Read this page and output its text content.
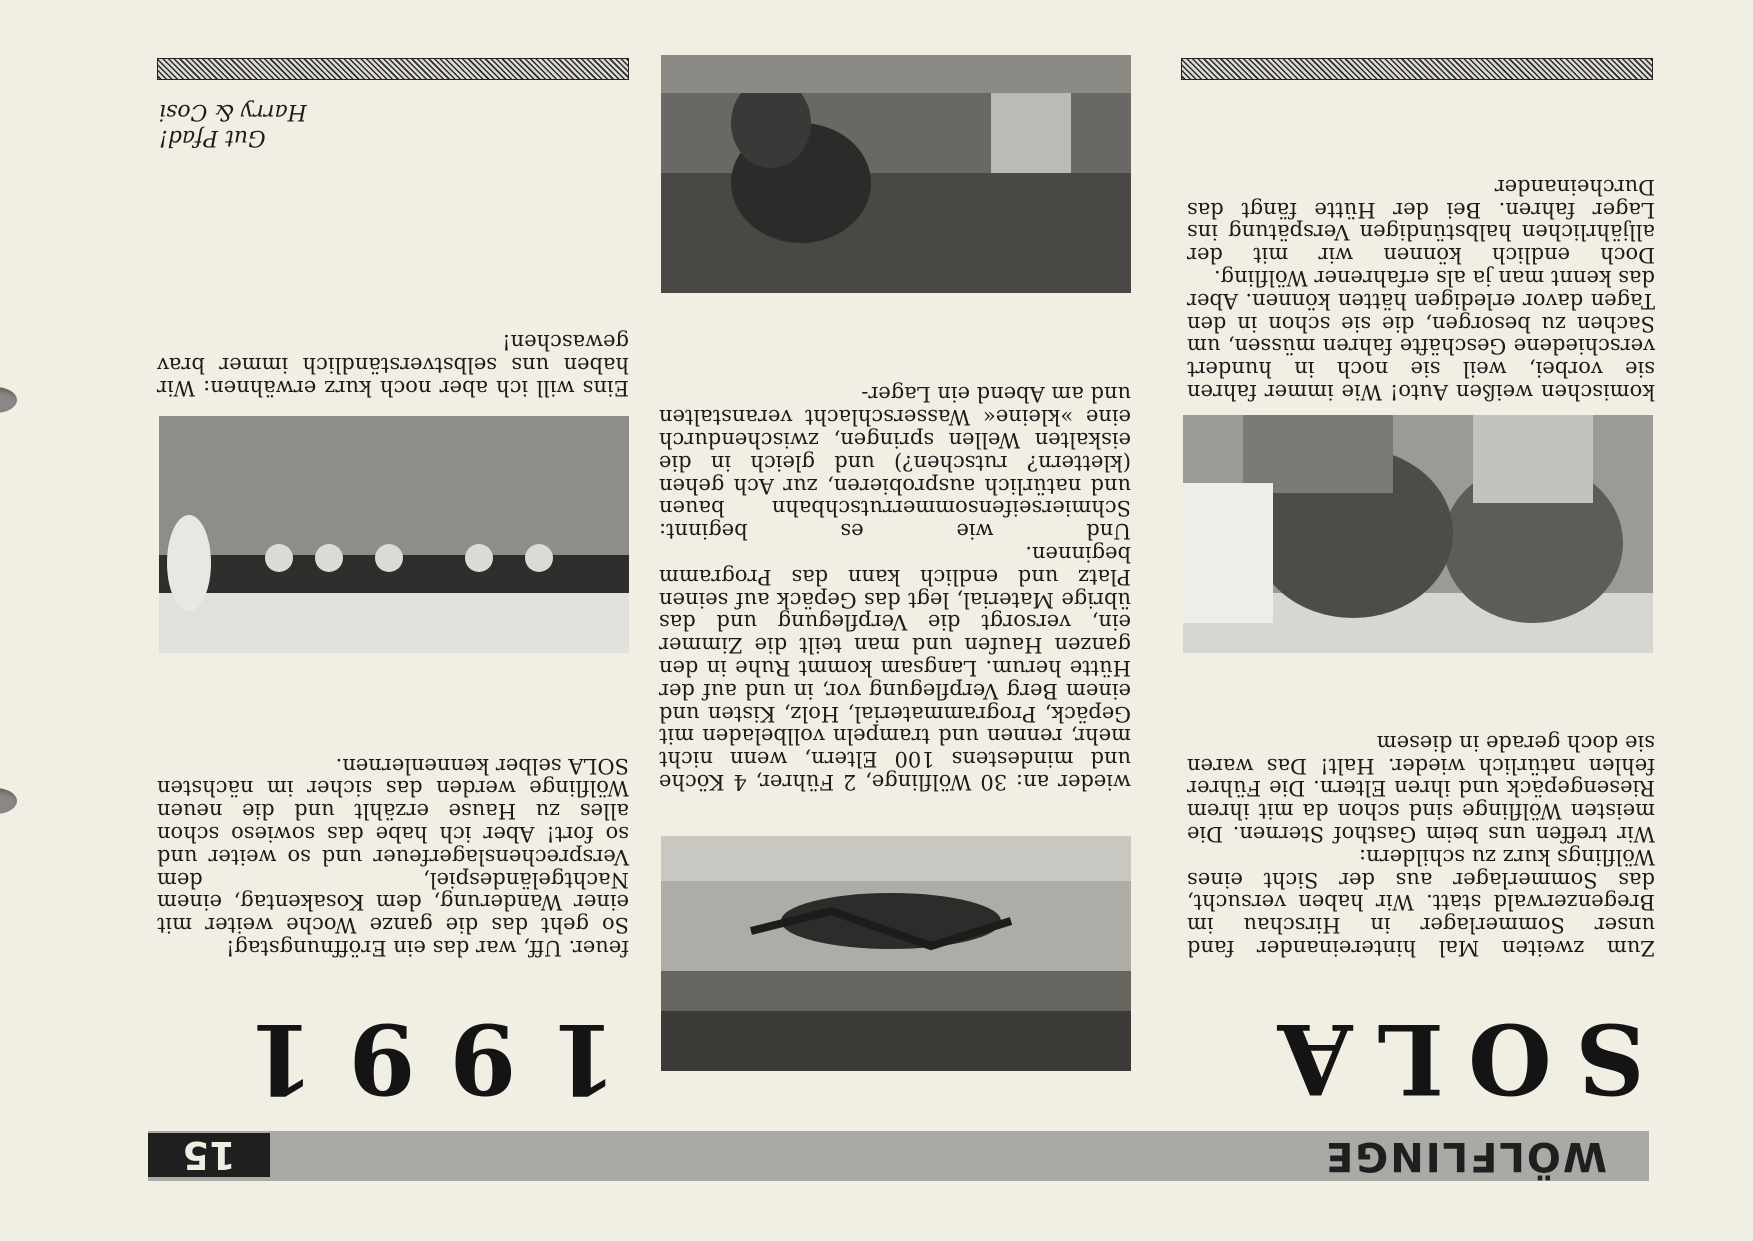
WÖLFLINGE
15
SOLA
1991
Zum zweiten Mal hintereinander fand unser Sommerlager in Hirschau im Bregenzerwald statt. Wir haben versucht, das Sommerlager aus der Sicht eines Wölflings kurz zu schildern:
Wir treffen uns beim Gasthof Sternen. Die meisten Wölflinge sind schon da mit ihrem Riesengepäck und ihren Eltern. Die Führer fehlen natürlich wieder. Halt! Das waren sie doch gerade in diesem
komischen weißen Auto! Wie immer fahren sie vorbei, weil sie noch in hundert verschiedene Geschäfte fahren müssen, um Sachen zu besorgen, die sie schon in den Tagen davor erledigen hätten können. Aber das kennt man ja als erfahrener Wölfling.
Doch endlich können wir mit der alljährlichen halbstündigen Verspätung ins Lager fahren. Bei der Hütte fängt das Durcheinander
wieder an: 30 Wölflinge, 2 Führer, 4 Köche und mindestens 100 Eltern, wenn nicht mehr, rennen und trampeln vollbeladen mit Gepäck, Programmaterial, Holz, Kisten und einem Berg Verpflegung vor, in und auf der Hütte herum. Langsam kommt Ruhe in den ganzen Haufen und man teilt die Zimmer ein, versorgt die Verpflegung und das übrige Material, legt das Gepäck auf seinen Platz und endlich kann das Programm beginnen.
Und wie es beginnt: Schmierseifensommerrutschbahn bauen und natürlich ausprobieren, zur Ach gehen (klettern? rutschen?) und gleich in die eiskalten Wellen springen, zwischendurch eine »kleine« Wasserschlacht veranstalten und am Abend ein Lager-
feuer. Uff, war das ein Eröffnungstag!
So geht das die ganze Woche weiter mit einer Wanderung, dem Kosakentag, einem Nachtgeländespiel, dem Versprechenslagerfeuer und so weiter und so fort! Aber ich habe das sowieso schon alles zu Hause erzählt und die neuen Wölflinge werden das sicher im nächsten SOLA selber kennenlernen.
Eins will ich aber noch kurz erwähnen: Wir haben uns selbstverständlich immer brav gewaschen!
Gut Pfad!
Harry & Cosi
